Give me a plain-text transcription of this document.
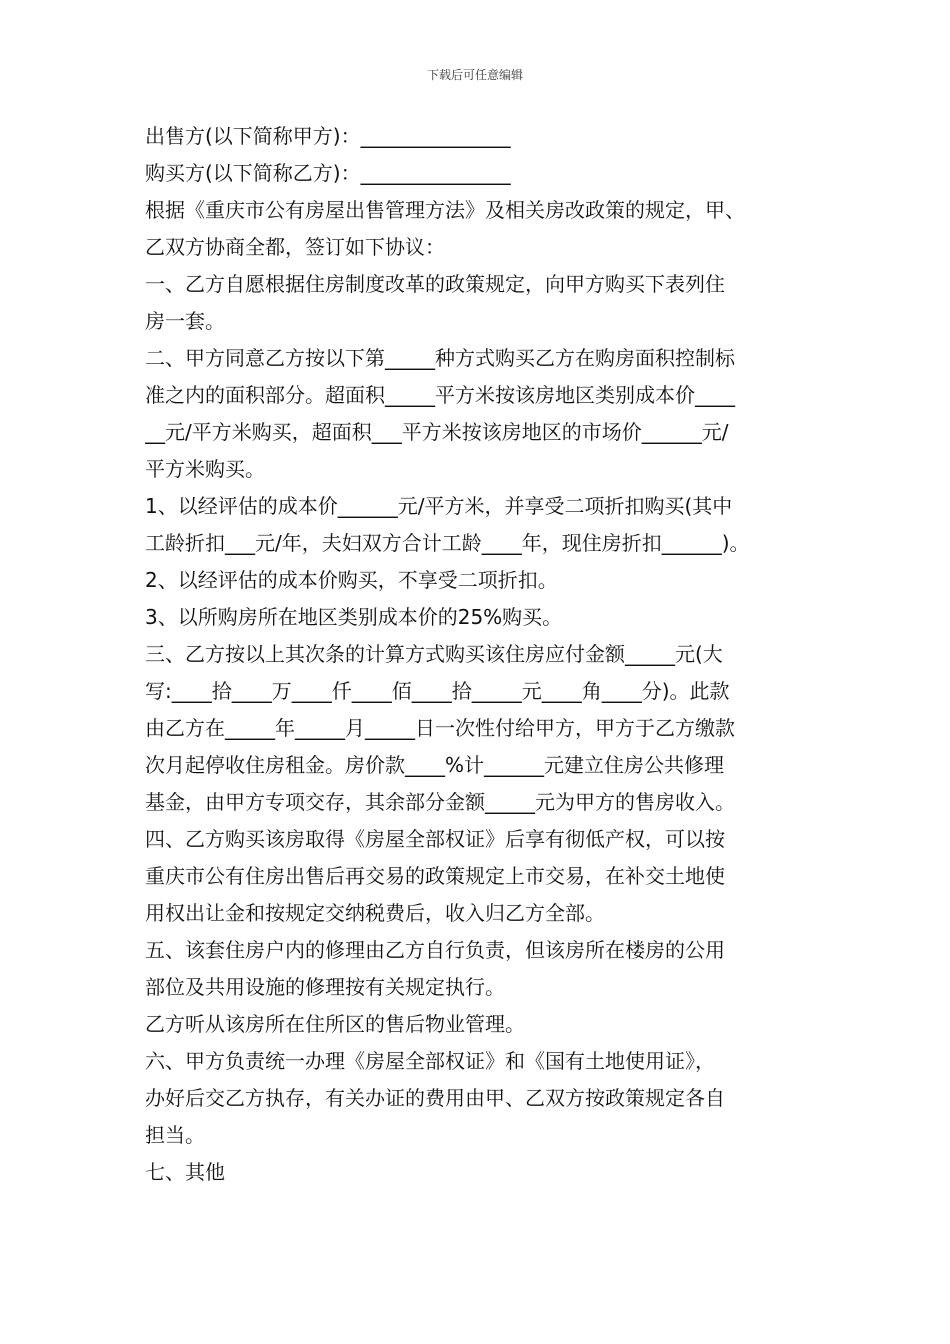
下载后可任意编辑
出售方(以下简称甲方)：_______________
购买方(以下简称乙方)：_______________
根据《重庆市公有房屋出售管理方法》及相关房改政策的规定，甲、
乙双方协商全都，签订如下协议：
一、乙方自愿根据住房制度改革的政策规定，向甲方购买下表列住
房一套。
二、甲方同意乙方按以下第_____种方式购买乙方在购房面积控制标
准之内的面积部分。超面积_____平方米按该房地区类别成本价____
__元/平方米购买，超面积___平方米按该房地区的市场价______元/
平方米购买。
1、以经评估的成本价______元/平方米，并享受二项折扣购买(其中
工龄折扣___元/年，夫妇双方合计工龄____年，现住房折扣______)。
2、以经评估的成本价购买，不享受二项折扣。
3、以所购房所在地区类别成本价的25%购买。
三、乙方按以上其次条的计算方式购买该住房应付金额_____元(大
写:____拾____万____仟____佰____拾_____元____角____分)。此款
由乙方在_____年_____月_____日一次性付给甲方，甲方于乙方缴款
次月起停收住房租金。房价款____%计______元建立住房公共修理
基金，由甲方专项交存，其余部分金额_____元为甲方的售房收入。
四、乙方购买该房取得《房屋全部权证》后享有彻低产权，可以按
重庆市公有住房出售后再交易的政策规定上市交易，在补交土地使
用权出让金和按规定交纳税费后，收入归乙方全部。
五、该套住房户内的修理由乙方自行负责，但该房所在楼房的公用
部位及共用设施的修理按有关规定执行。
乙方听从该房所在住所区的售后物业管理。
六、甲方负责统一办理《房屋全部权证》和《国有土地使用证》，
办好后交乙方执存，有关办证的费用由甲、乙双方按政策规定各自
担当。
七、其他
